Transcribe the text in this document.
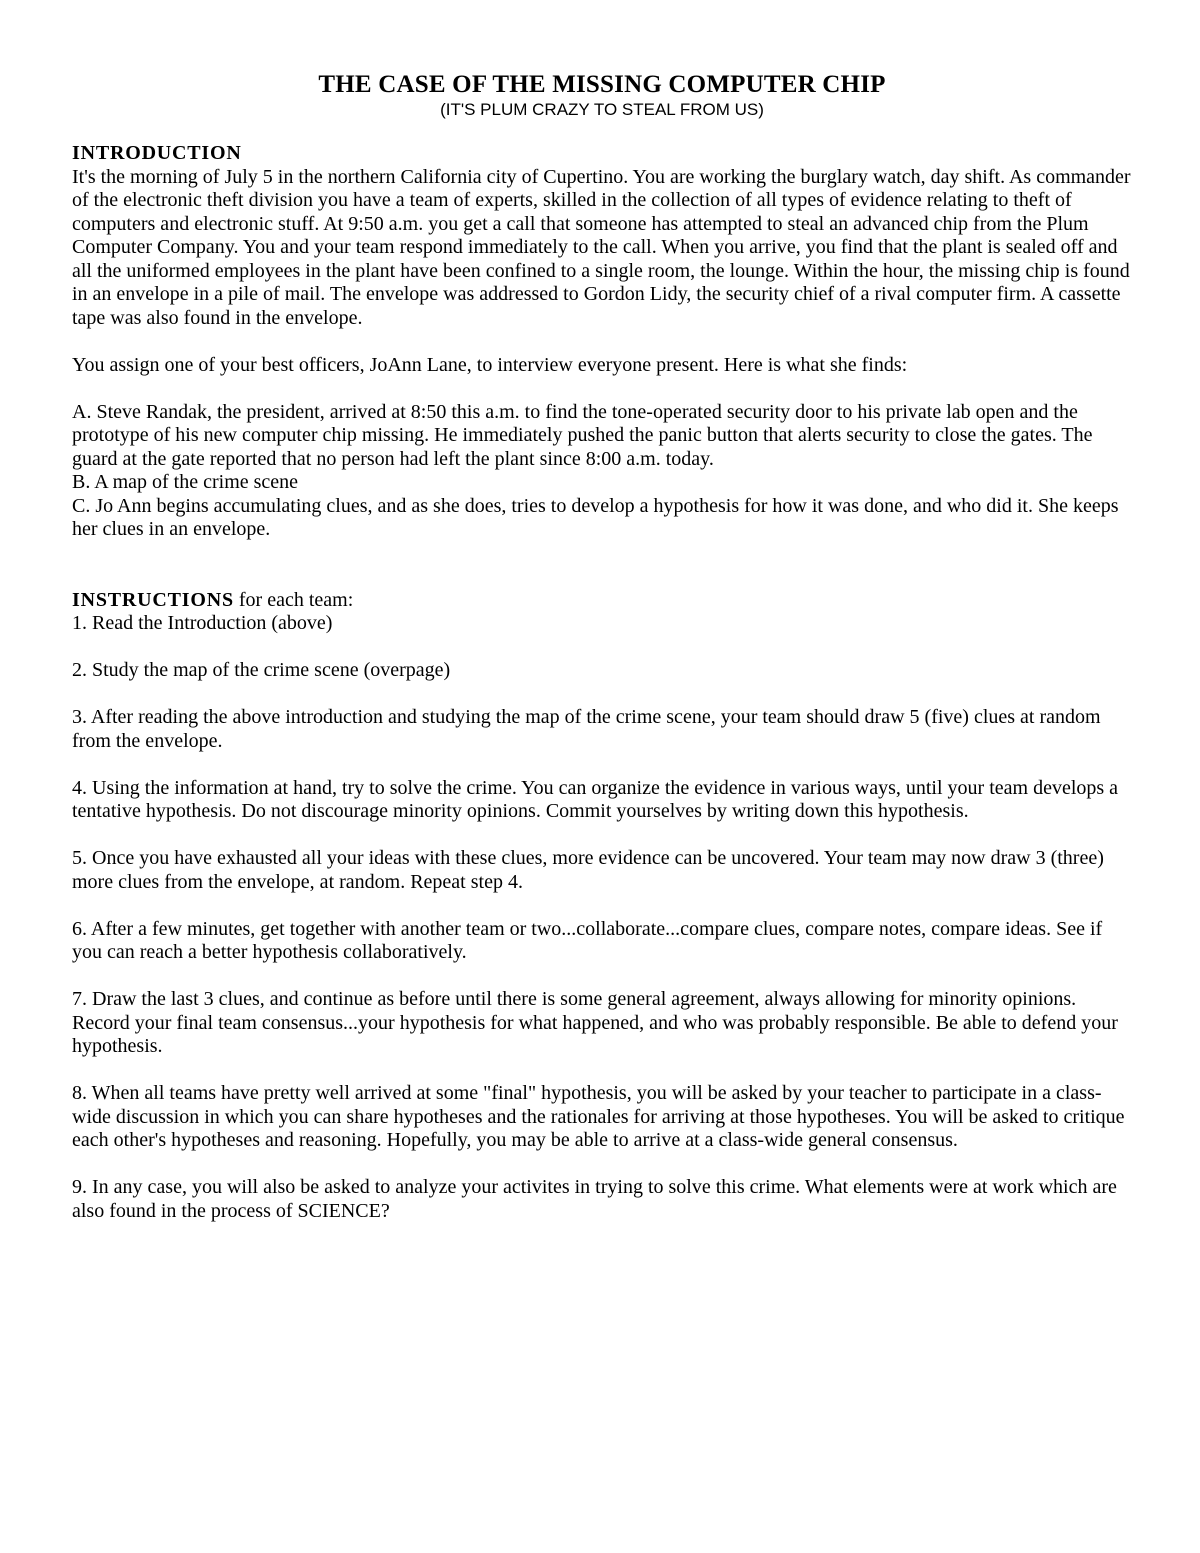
THE CASE OF THE MISSING COMPUTER CHIP

(IT'S PLUM CRAZY TO STEAL FROM US)

INTRODUCTION

It's the morning of July 5 in the northern California city of Cupertino. You are working the burglary watch, day shift. As commander of the electronic theft division you have a team of experts, skilled in the collection of all types of evidence relating to theft of computers and electronic stuff. At 9:50 a.m. you get a call that someone has attempted to steal an advanced chip from the Plum Computer Company. You and your team respond immediately to the call. When you arrive, you find that the plant is sealed off and all the uniformed employees in the plant have been confined to a single room, the lounge. Within the hour, the missing chip is found in an envelope in a pile of mail. The envelope was addressed to Gordon Lidy, the security chief of a rival computer firm. A cassette tape was also found in the envelope.

You assign one of your best officers, JoAnn Lane, to interview everyone present. Here is what she finds:

A. Steve Randak, the president, arrived at 8:50 this a.m. to find the tone-operated security door to his private lab open and the prototype of his new computer chip missing. He immediately pushed the panic button that alerts security to close the gates. The guard at the gate reported that no person had left the plant since 8:00 a.m. today.

B. A map of the crime scene

C. Jo Ann begins accumulating clues, and as she does, tries to develop a hypothesis for how it was done, and who did it. She keeps her clues in an envelope.

INSTRUCTIONS for each team:

1. Read the Introduction (above)

2. Study the map of the crime scene (overpage)

3. After reading the above introduction and studying the map of the crime scene, your team should draw 5 (five) clues at random from the envelope.

4. Using the information at hand, try to solve the crime. You can organize the evidence in various ways, until your team develops a tentative hypothesis. Do not discourage minority opinions. Commit yourselves by writing down this hypothesis.

5. Once you have exhausted all your ideas with these clues, more evidence can be uncovered. Your team may now draw 3 (three) more clues from the envelope, at random. Repeat step 4.

6. After a few minutes, get together with another team or two...collaborate...compare clues, compare notes, compare ideas. See if you can reach a better hypothesis collaboratively.

7. Draw the last 3 clues, and continue as before until there is some general agreement, always allowing for minority opinions. Record your final team consensus...your hypothesis for what happened, and who was probably responsible. Be able to defend your hypothesis.

8. When all teams have pretty well arrived at some "final" hypothesis, you will be asked by your teacher to participate in a class-wide discussion in which you can share hypotheses and the rationales for arriving at those hypotheses. You will be asked to critique each other's hypotheses and reasoning. Hopefully, you may be able to arrive at a class-wide general consensus.

9. In any case, you will also be asked to analyze your activites in trying to solve this crime. What elements were at work which are also found in the process of SCIENCE?
